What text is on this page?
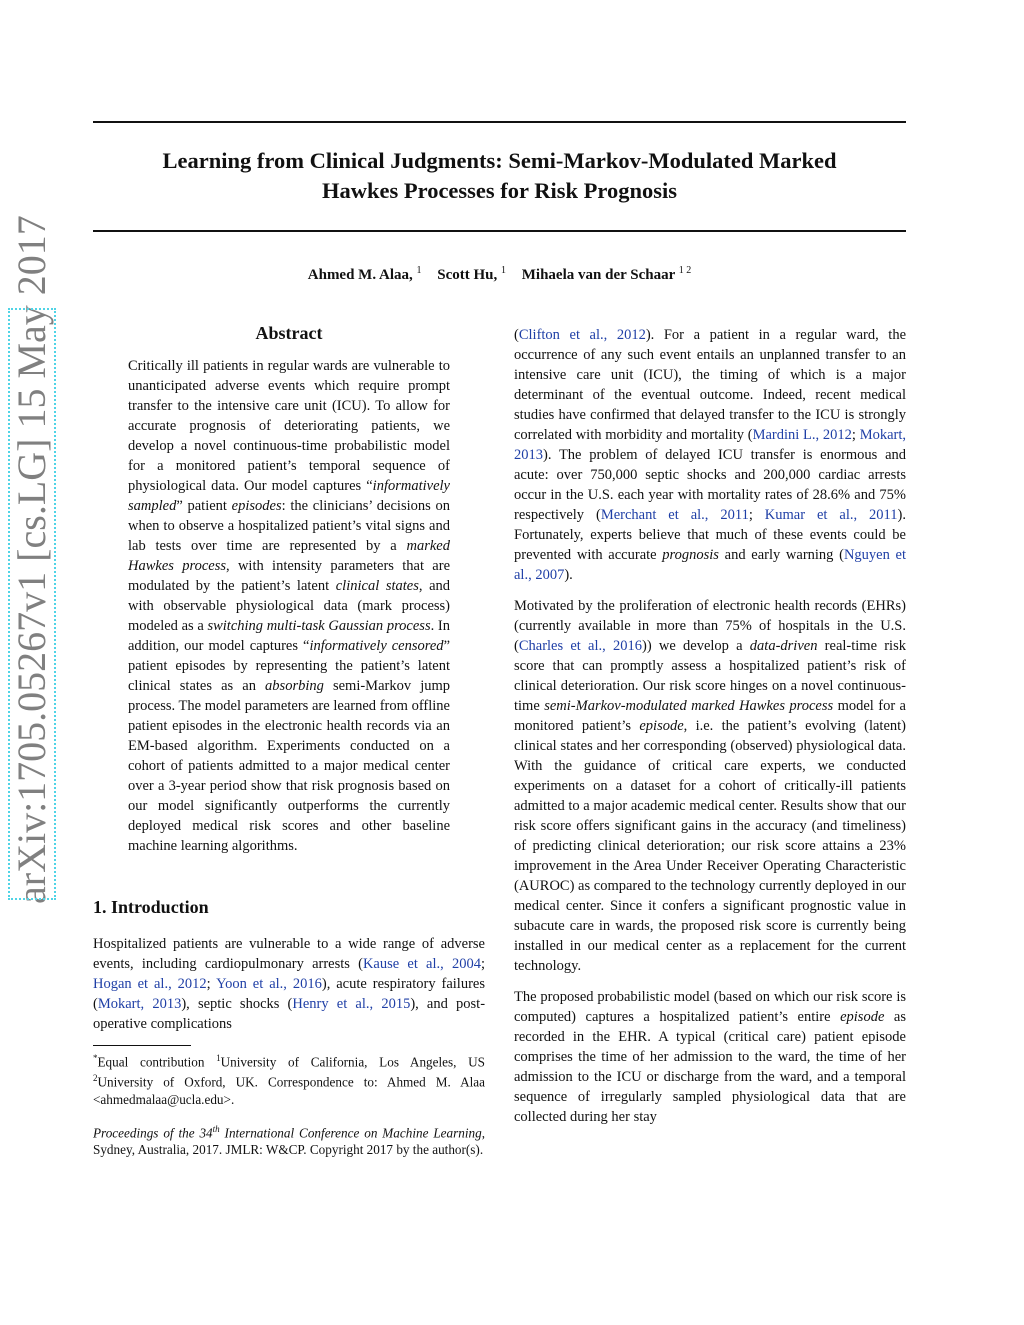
Learning from Clinical Judgments: Semi-Markov-Modulated Marked
Hawkes Processes for Risk Prognosis
Ahmed M. Alaa, $^1$ Scott Hu, $^1$ Mihaela van der Schaar $^{1 2}$
arXiv:1705.05267v1 [cs.LG] 15 May 2017	Abstract

Critically ill patients in regular wards are vulnerable to unanticipated adverse events which require prompt transfer to the intensive care unit (ICU). To allow for accurate prognosis of deteriorating patients, we develop a novel continuous-time probabilistic model for a monitored patient’s temporal sequence of physiological data. Our model captures “informatively sampled” patient episodes: the clinicians’ decisions on when to observe a hospitalized patient’s vital signs and lab tests over time are represented by a marked Hawkes process, with intensity parameters that are modulated by the patient’s latent clinical states, and with observable physiological data (mark process) modeled as a switching multi-task Gaussian process. In addition, our model captures “informatively censored” patient episodes by representing the patient’s latent clinical states as an absorbing semi-Markov jump process. The model parameters are learned from offline patient episodes in the electronic health records via an EM-based algorithm. Experiments conducted on a cohort of patients admitted to a major medical center over a 3-year period show that risk prognosis based on our model significantly outperforms the currently deployed medical risk scores and other baseline machine learning algorithms.

1. Introduction

Hospitalized patients are vulnerable to a wide range of adverse events, including cardiopulmonary arrests (Kause et al., 2004; Hogan et al., 2012; Yoon et al., 2016), acute respiratory failures (Mokart, 2013), septic shocks (Henry et al., 2015), and post-operative complications

*Equal contribution $^1$University of California, Los Angeles, US $^2$University of Oxford, UK. Correspondence to: Ahmed M. Alaa <ahmedmalaa@ucla.edu>.

Proceedings of the 34th International Conference on Machine Learning, Sydney, Australia, 2017. JMLR: W&CP. Copyright 2017 by the author(s).

(Clifton et al., 2012). For a patient in a regular ward, the occurrence of any such event entails an unplanned transfer to an intensive care unit (ICU), the timing of which is a major determinant of the eventual outcome. Indeed, recent medical studies have confirmed that delayed transfer to the ICU is strongly correlated with morbidity and mortality (Mardini L., 2012; Mokart, 2013). The problem of delayed ICU transfer is enormous and acute: over 750,000 septic shocks and 200,000 cardiac arrests occur in the U.S. each year with mortality rates of 28.6% and 75% respectively (Merchant et al., 2011; Kumar et al., 2011). Fortunately, experts believe that much of these events could be prevented with accurate prognosis and early warning (Nguyen et al., 2007).

Motivated by the proliferation of electronic health records (EHRs) (currently available in more than 75% of hospitals in the U.S. (Charles et al., 2016)) we develop a data-driven real-time risk score that can promptly assess a hospitalized patient’s risk of clinical deterioration. Our risk score hinges on a novel continuous-time semi-Markov-modulated marked Hawkes process model for a monitored patient’s episode, i.e. the patient’s evolving (latent) clinical states and her corresponding (observed) physiological data. With the guidance of critical care experts, we conducted experiments on a dataset for a cohort of critically-ill patients admitted to a major academic medical center. Results show that our risk score offers significant gains in the accuracy (and timeliness) of predicting clinical deterioration; our risk score attains a 23% improvement in the Area Under Receiver Operating Characteristic (AUROC) as compared to the technology currently deployed in our medical center. Since it confers a significant prognostic value in subacute care in wards, the proposed risk score is currently being installed in our medical center as a replacement for the current technology.

The proposed probabilistic model (based on which our risk score is computed) captures a hospitalized patient’s entire episode as recorded in the EHR. A typical (critical care) patient episode comprises the time of her admission to the ward, the time of her admission to the ICU or discharge from the ward, and a temporal sequence of irregularly sampled physiological data that are collected during her stay
